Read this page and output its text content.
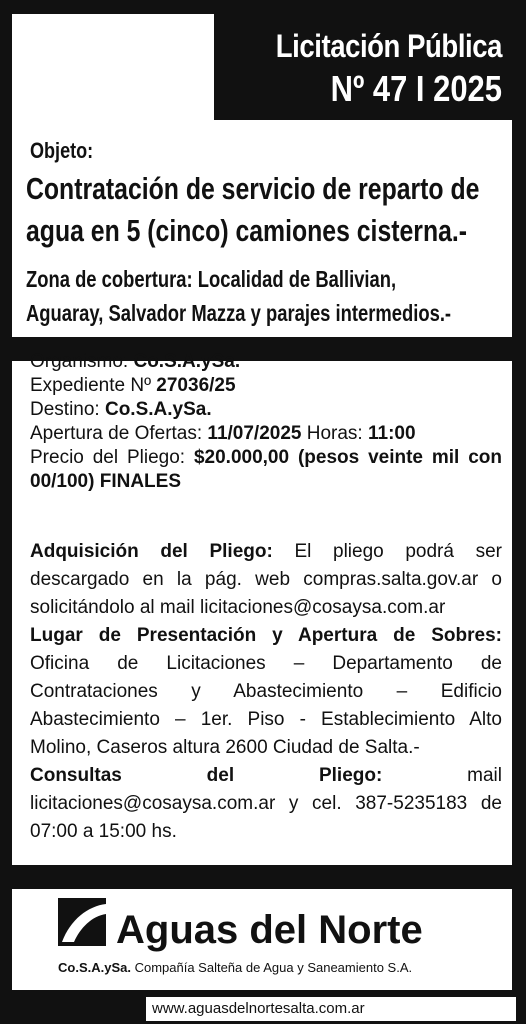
Licitación Pública
Nº 47 I 2025
Objeto:
Contratación de servicio de reparto de
agua en 5 (cinco) camiones cisterna.-
Zona de cobertura: Localidad de Ballivian,
Aguaray, Salvador Mazza y parajes intermedios.-
Organismo: Co.S.A.ySa.
Expediente Nº 27036/25
Destino: Co.S.A.ySa.
Apertura de Ofertas: 11/07/2025 Horas: 11:00
Precio del Pliego: $20.000,00 (pesos veinte mil con 00/100) FINALES
Adquisición del Pliego: El pliego podrá ser descargado en la pág. web compras.salta.gov.ar o solicitándolo al mail licitaciones@cosaysa.com.ar
Lugar de Presentación y Apertura de Sobres: Oficina de Licitaciones – Departamento de Contrataciones y Abastecimiento – Edificio Abastecimiento – 1er. Piso - Establecimiento Alto Molino, Caseros altura 2600 Ciudad de Salta.-
Consultas del Pliego: mail licitaciones@cosaysa.com.ar y cel. 387-5235183 de 07:00 a 15:00 hs.
Aguas del Norte
Co.S.A.ySa. Compañía Salteña de Agua y Saneamiento S.A.
www.aguasdelnortesalta.com.ar
